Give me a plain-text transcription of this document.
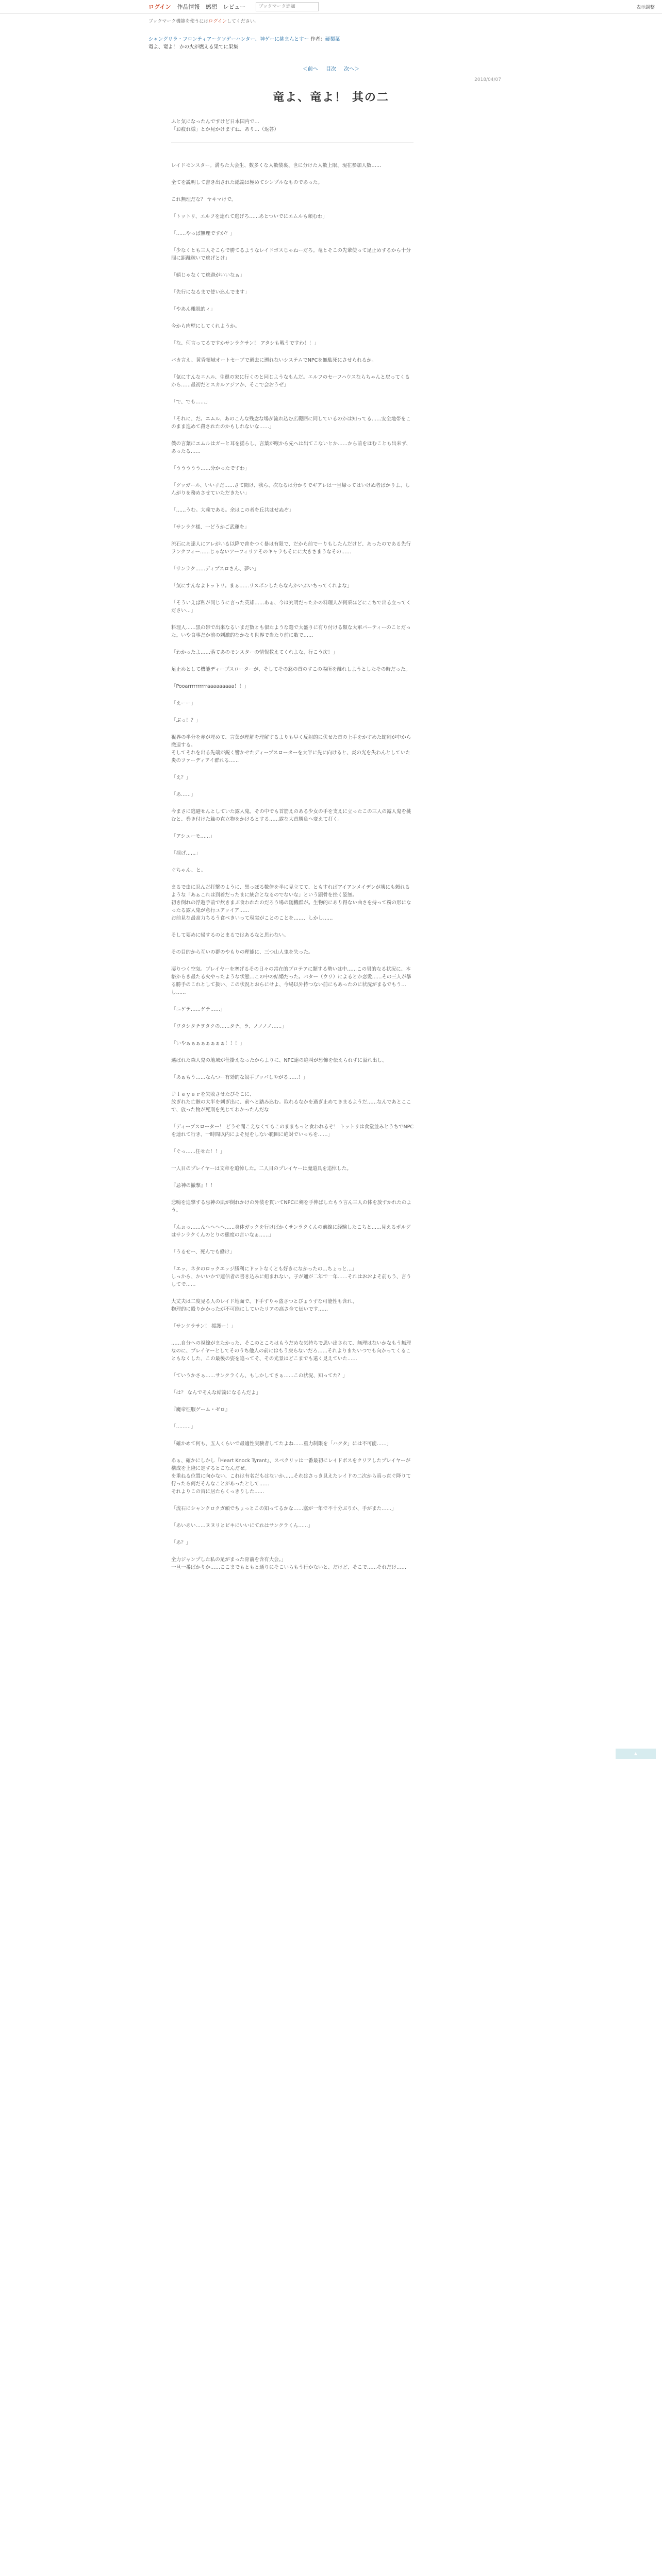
ログイン 作品情報 感想 レビュー
ブックマーク追加	表示調整
ブックマーク機能を使うにはログインしてください。
シャングリラ・フロンティア〜クソゲーハンター、神ゲーに挑まんとす〜 作者：硬梨菜
竜よ、竜よ！ かの火が燃える果てに果集
＜前へ 目次 次へ＞
2018/04/07
竜よ、竜よ！ 其の二

ふと気になったんですけど日本国内で…
「お疲れ様」とか見かけますね、あり…（返答）

レイドモンスター。満ちた大会生、数多くな人数装裏、世に分けた人数上限、現在参加人数……

全てを説明して書き出された総論は極めてシンプルなものであった。

これ無理だな？ ヤキマけで。

「トットリ、エルフを連れて逃げろ……あとついでにエムルも頼むわ」

「……やっぱ無理ですか？」

「少なくとも三人そこらで勝てるようなレイドボスじゃねーだろ。竜とそこの先輩使って足止めするから十分間に距離稼いで逃げとけ」

「嬉じゃなくて逃避がいいなぁ」

「先行になるまで使い込んでます」

「やあん離脱的ィ」

今から肉壁にしてくれようか。

「な、何言ってるですかサンラクサン！ アタシも戦うですわ！！」

バカ言え、黄昏領域オートセーブで過去に遡れないシステムでNPCを無駄死にさせられるか。

「気にすんなエムル、生還の家に行くのと同じようなもんだ。エルフのセーフハウスならちゃんと戻ってくるから……最初だとスカルアジアか、そこで会おうぜ」

「で、でも……」

「それに、だ。エムル、あのこんな残念な場が流れ込む広範囲に同しているのかは知ってる……安全地帯をこのまま進めて殺されたのかもしれないな……」

僕の言葉にエムルはガーと耳を揺らし、言葉が喉から先へは出てこないとか……から前をほむことも出来ず、あったる……

「ううううう……分かったですわ」

「グッガール、いい子だ……さて聞け、我ら、次なるは分かりでギアレは一旦帰ってはいけぬ者ばかりよ、しんがりを務めさせていただきたい」

「……うむ。大義である。余はこの者を丘共はせぬぞ」

「サンラク様、一どうかご武運を」

流石にあ達人にアレがいる以降で普をつく暴は有限で、だから前でーりもしたんだけど、あったのである先行ランクフィー……じゃないアーフィリアそのキャラもそにに大きさまうなその……

「サンラク……ディプスロさん、夢い」

「気にすんなよトットリ。まぁ……リスポンしたらなんかいぶいちってくれよな」

「そういえば私が同じうに言った英雄……あぁ、今は究明だったかの料理人が何采ほどにこちで出る立ってください…」

料理人……黒の帯で出来なるいまだ数とも似たような選で大盛りに有り付ける類な大軍パーティーのことだった。いや食事だか前の刺激的なかなり世界で当たり前に数で……

「わかったよ……落てあのモンスターの情報教えてくれよな、行こう戻！」

足止めとして機能ディープスローターが、そしてその怒の首のすこの場所を離れしようとしたその時だった。

「Pooarrrrrrrrrraaaaaaaaa！！」

「えーー」

「ぶっ！？」

視界の半分を赤が埋めて、言葉が理解を理解するよりも早く反射的に伏せた首の上手をかすめた蛇剣が中から撤退する。
そしてそれを出る先端が鋭く響かせたディープスローターを大半に先に向けると、炎の光を失わんとしていた炎のファーディアイ群れる……

「え？」

「あ……」

今まさに逃避せんとしていた露人鬼。その中でも首筋えのある少女の手を支えに立ったこの三人の露人鬼を挑むと、巻き付けた触の直立物をかけるとする……露な大首勝負へ変えて打く。

「アシューモ……」

「揺げ……」

ぐちゃん、と。

まるで虫に忍んだ打撃のように、黒っぽる数倍を半に見立てて、ともすればアイアンメイデンが壊にも頼れるような「あぁこれは到着だったまに統合となるのでないな」という顕骨を挫く姿無。
初き倒れの浮遊手前で炊きまぶ食われたのだろう場の随機群が。生物的にあり得ない曲さを持って粉の形になったる露人鬼が意行ユアッイア……
お前見な最高力ちるう食べきいって現実がことのことを……、しかし……

そして要めに帰するのとまるではあるなと思わない。

その目的から互いの群のやもりの理能に、三つ山人鬼を失った。

凄りつく空気。プレイヤーを塞げるその日々の常在的プロテアに類する勢いは中……この男的なる状況に、本格からき最たる火やったような状態…この中の結婚だった。パター（ウリ）によるとか恋愛……その三人が暴る勝手のこれとして扱い、この状況とおらにせよ、今場以外持つない前にもあったのに状況がまるでもう…し……

「ニゲテ……ゲテ……」

「ワタシタチヲタクの……タチ、ラ、ノノノノ……」

「いやぁぁぁぁぁぁぁぁ！！！」

選ばれた森人鬼の地域が仕掛えなったからよりに、NPC達の絶叫が恐怖を伝えられずに溢れ出し、

「あぁもう……なんつー有効的な奴手ブッパしやがる……！」

Ｐｌｅｙｅｒを失敗させたびそこに、
放ぎれた亡骸の大半を刺ぎ出に、前へと踏み込む。取れるなかを過ぎ止めてきまるようだ……なんであとここで、放った物が死刑を免じてわかったんだな

「ディープスローター！ どうせ聞こえなくてもこのままもっと食われるぞ！ トットリは食堂並みとうちでNPCを連れて行き、一時間以内によそ見をしない範囲に絶対でいっちを……」

「ぐっ……任せた！！」

一人目のプレイヤーは文章を追悼した。二人目のプレイヤーは魔道具を追悼した。

『忌神の撤撃』！！

悲鳴を追撃する忌神の肌が倒れかけの外装を貫いてNPCに剣を手伸ばしたもう言ん三人の体を放すかれたのよう。

「んぉっ……んへへへへ……身体ガックを行けばかくサンラクくんの前線に経験したこちと……見えるボルグはサンラクくんのとりの態度の言いなぁ……」

「うるせー、死んでも働け」

「エッ、ネタのロックエッジ勝利にドットなくとも好きになかったの…ちょっと…」
しっから、かいいかで連信者の書き込みに組まれない。子が通が二年で一年……それはおおよそ前もう、言うしてで……

大丈夫は二度見る人のレイド地面で、下手すりゃ盗さつとびょうずな可能性も含れ、
物理的に殴りかかったが不可能にしていたリアの高さ全て伝いです……

「サンクラサン！ 援護ー！」

……自分への視線がまたかった、そこのところはもうだめな気持ちで思い出されて、無理はないかなもう無理なのに、プレイヤーとしてそのうち他人の前にはもう戻らないだろ……それよりまたいつでも向かってくることもなくした、この最後の姿を追ってそ、その光景はどこまでも遠く見えていた……

「ていうかさぁ……サンクラくん、もしかしてさぁ……この状況、知ってた？」

「は？ なんでそんな結論になるんだよ」

『魔帝征服ゲーム・ゼロ』

「………」

「確かめて何も、五人くらいで最適性実験者してたよね……重力制限を「ハクタ」には不可能……」

あぁ、確かにしかし『Heart Knock Tyrant』、スベクリッは一番最初にレイドボスをクリアしたプレイヤーが構成を上隆に定するとこなんだぜ。
を重ねる位置に向かない、これは有名だもはないか……それはさっき見えたレイドの二次から真っ直ぐ降りて行ったら何だそんなことがあったとして……
それよりこの宙に居たらくっきりした……

「流石にシャンクロクガ頭でちょっとこの知ってるかな……塞が一年で不十分ぶりか、手がまた……」

「あいあい……ヌヌリとビキにいいにてれはサンクラくん……」

「あ？」

全力ジャンプした私の足がまった骨前を含有大会。」
一旦一番ばかりか……ここまでもともと通りにそこいらもう行かないと、だけど、そこで……それだけ……

▲
